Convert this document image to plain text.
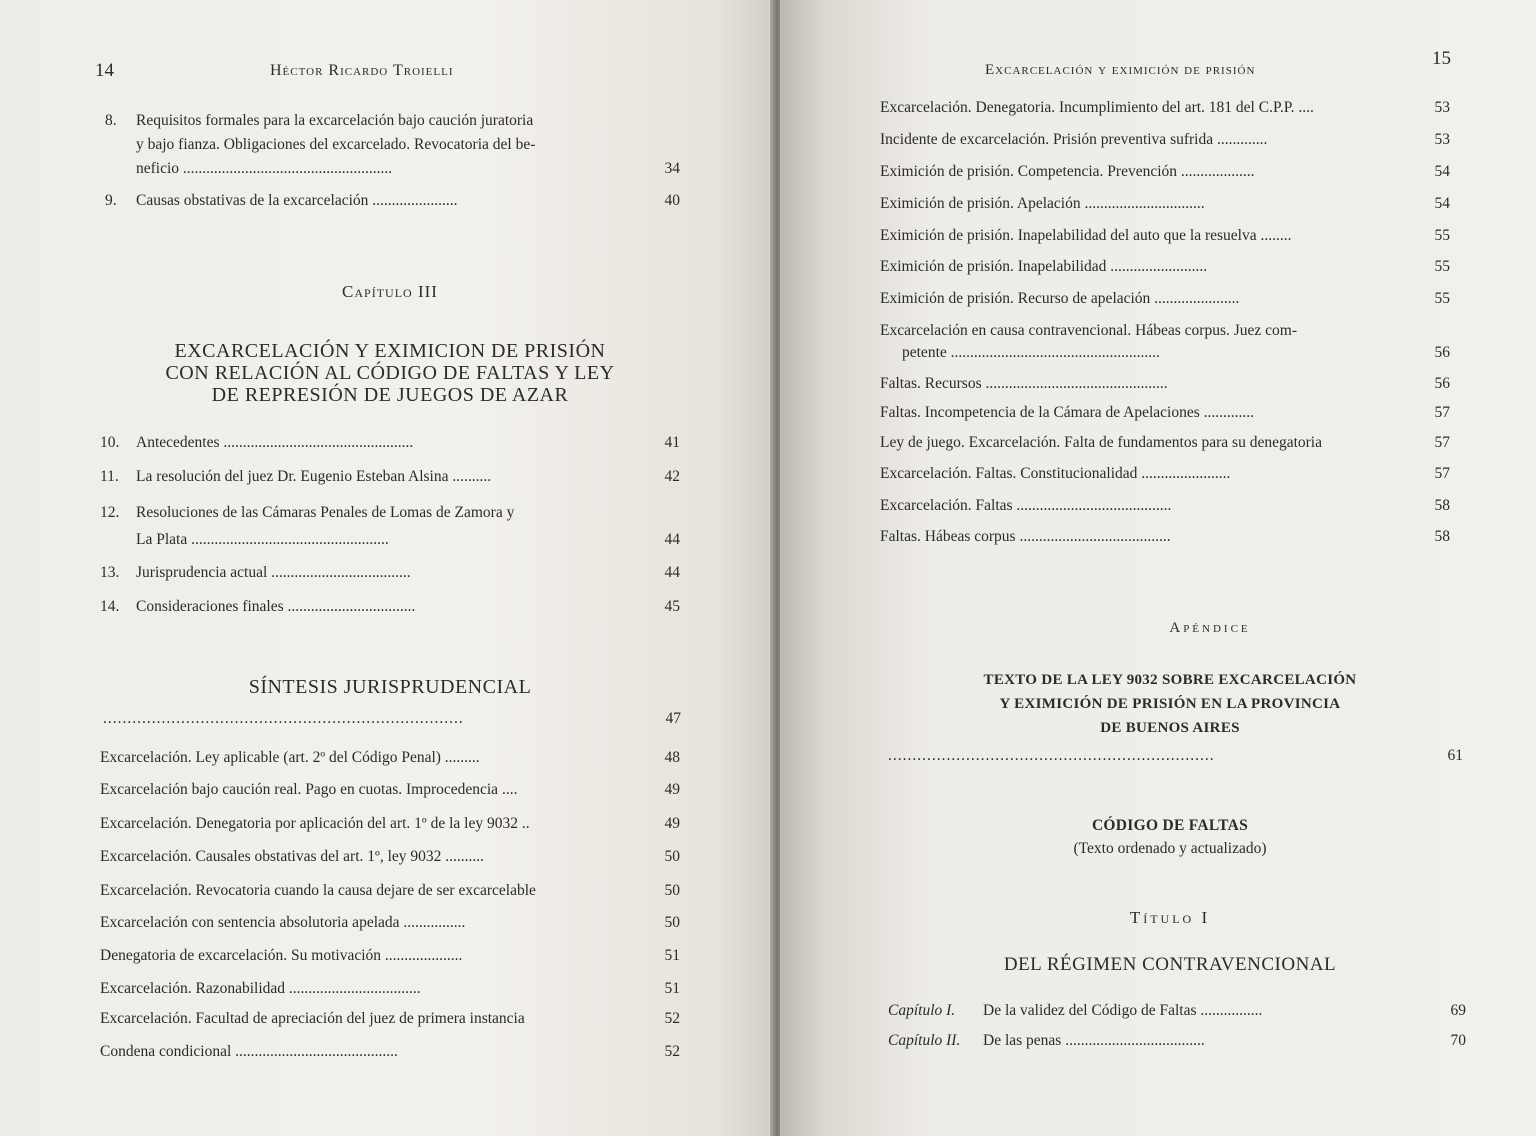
14	Héctor Ricardo Troielli
8. Requisitos formales para la excarcelación bajo caución juratoria
y bajo fianza. Obligaciones del excarcelado. Revocatoria del be-
neficio ......................................................	34
9. Causas obstativas de la excarcelación ......................	40
Capítulo III
EXCARCELACIÓN Y EXIMICION DE PRISIÓN
CON RELACIÓN AL CÓDIGO DE FALTAS Y LEY
DE REPRESIÓN DE JUEGOS DE AZAR
10. Antecedentes .................................................	41
11. La resolución del juez Dr. Eugenio Esteban Alsina ..........	42
12. Resoluciones de las Cámaras Penales de Lomas de Zamora y
La Plata ...................................................	44
13. Jurisprudencia actual ....................................	44
14. Consideraciones finales .................................	45
SÍNTESIS JURISPRUDENCIAL
..........................................................................	47
Excarcelación. Ley aplicable (art. 2º del Código Penal) .........	48
Excarcelación bajo caución real. Pago en cuotas. Improcedencia ....	49
Excarcelación. Denegatoria por aplicación del art. 1º de la ley 9032 ..	49
Excarcelación. Causales obstativas del art. 1º, ley 9032 ..........	50
Excarcelación. Revocatoria cuando la causa dejare de ser excarcelable	50
Excarcelación con sentencia absolutoria apelada ................	50
Denegatoria de excarcelación. Su motivación ....................	51
Excarcelación. Razonabilidad ..................................	51
Excarcelación. Facultad de apreciación del juez de primera instancia	52
Condena condicional ..........................................	52
Excarcelación y eximición de prisión
15
Excarcelación. Denegatoria. Incumplimiento del art. 181 del C.P.P. ....	53
Incidente de excarcelación. Prisión preventiva sufrida .............	53
Eximición de prisión. Competencia. Prevención ...................	54
Eximición de prisión. Apelación ...............................	54
Eximición de prisión. Inapelabilidad del auto que la resuelva ........	55
Eximición de prisión. Inapelabilidad .........................	55
Eximición de prisión. Recurso de apelación ......................	55
Excarcelación en causa contravencional. Hábeas corpus. Juez com-
petente ......................................................	56
Faltas. Recursos ...............................................	56
Faltas. Incompetencia de la Cámara de Apelaciones .............	57
Ley de juego. Excarcelación. Falta de fundamentos para su denegatoria	57
Excarcelación. Faltas. Constitucionalidad .......................	57
Excarcelación. Faltas ........................................	58
Faltas. Hábeas corpus .......................................	58
Apéndice
TEXTO DE LA LEY 9032 SOBRE EXCARCELACIÓN
Y EXIMICIÓN DE PRISIÓN EN LA PROVINCIA
DE BUENOS AIRES
...................................................................	61
CÓDIGO DE FALTAS
(Texto ordenado y actualizado)
Título I
DEL RÉGIMEN CONTRAVENCIONAL
Capítulo I. De la validez del Código de Faltas ................	69
Capítulo II. De las penas ....................................	70
